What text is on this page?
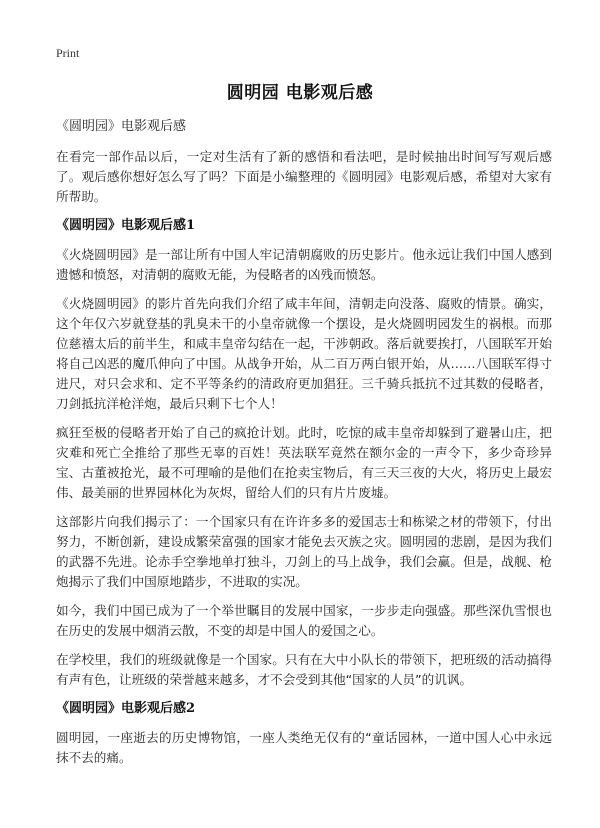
Print
圆明园 电影观后感

《圆明园》电影观后感

在看完一部作品以后，一定对生活有了新的感悟和看法吧，是时候抽出时间写写观后感了。观后感你想好怎么写了吗？下面是小编整理的《圆明园》电影观后感，希望对大家有所帮助。

《圆明园》电影观后感1

《火烧圆明园》是一部让所有中国人牢记清朝腐败的历史影片。他永远让我们中国人感到遗憾和愤怒，对清朝的腐败无能，为侵略者的凶残而愤怒。

《火烧圆明园》的影片首先向我们介绍了咸丰年间，清朝走向没落、腐败的情景。确实，这个年仅六岁就登基的乳臭未干的小皇帝就像一个摆设，是火烧圆明园发生的祸根。而那位慈禧太后的前半生，和咸丰皇帝勾结在一起，干涉朝政。落后就要挨打，八国联军开始将自己凶恶的魔爪伸向了中国。从战争开始，从二百万两白银开始，从……八国联军得寸进尺，对只会求和、定不平等条约的清政府更加猖狂。三千骑兵抵抗不过其数的侵略者，刀剑抵抗洋枪洋炮，最后只剩下七个人！

疯狂至极的侵略者开始了自己的疯抢计划。此时，吃惊的咸丰皇帝却躲到了避暑山庄，把灾难和死亡全推给了那些无辜的百姓！英法联军竟然在额尔金的一声令下，多少奇珍异宝、古董被抢光，最不可理喻的是他们在抢卖宝物后，有三天三夜的大火，将历史上最宏伟、最美丽的世界园林化为灰烬，留给人们的只有片片废墟。

这部影片向我们揭示了：一个国家只有在许许多多的爱国志士和栋梁之材的带领下，付出努力，不断创新，建设成繁荣富强的国家才能免去灭族之灾。圆明园的悲剧，是因为我们的武器不先进。论赤手空拳地单打独斗，刀剑上的马上战争，我们会赢。但是，战舰、枪炮揭示了我们中国原地踏步，不进取的实况。

如今，我们中国已成为了一个举世瞩目的发展中国家，一步步走向强盛。那些深仇雪恨也在历史的发展中烟消云散，不变的却是中国人的爱国之心。

在学校里，我们的班级就像是一个国家。只有在大中小队长的带领下，把班级的活动搞得有声有色，让班级的荣誉越来越多，才不会受到其他“国家的人员”的讥讽。

《圆明园》电影观后感2

圆明园，一座逝去的历史博物馆，一座人类绝无仅有的“童话园林，一道中国人心中永远抹不去的痛。
